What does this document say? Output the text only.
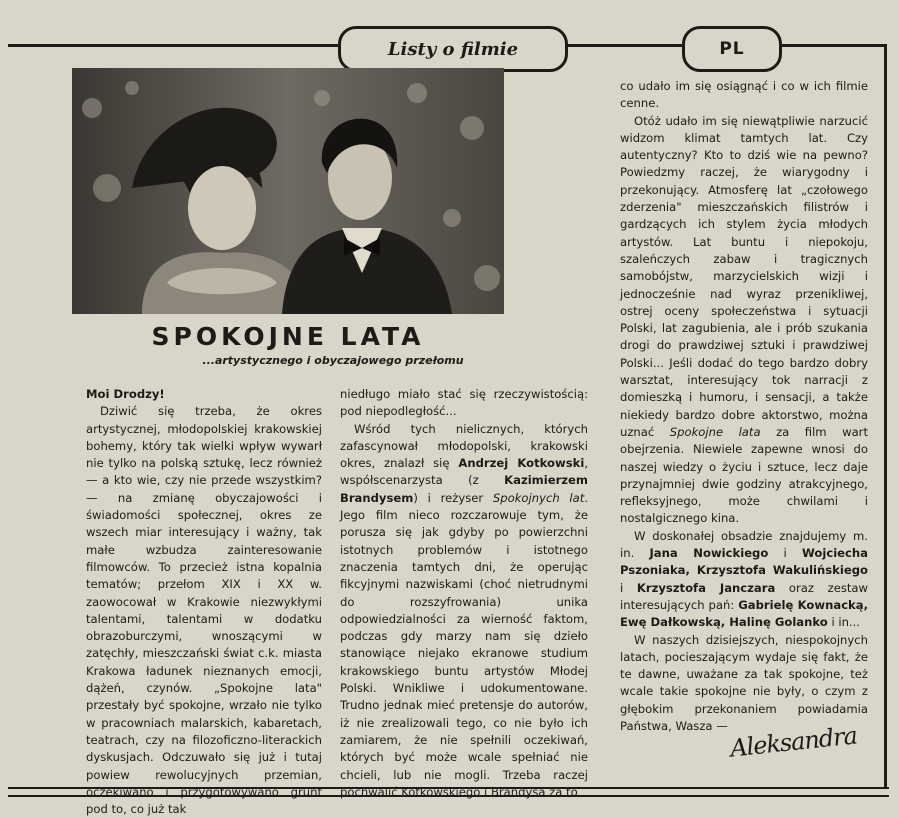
Listy o filmie	PL
SPOKOJNE LATA
...artystycznego i obyczajowego przełomu

Moi Drodzy!

Dziwić się trzeba, że okres artystycznej, młodopolskiej krakowskiej bohemy, który tak wielki wpływ wywarł nie tylko na polską sztukę, lecz również — a kto wie, czy nie przede wszystkim? — na zmianę obyczajowości i świadomości społecznej, okres ze wszech miar interesujący i ważny, tak małe wzbudza zainteresowanie filmowców. To przecież istna kopalnia tematów; przełom XIX i XX w. zaowocował w Krakowie niezwykłymi talentami, talentami w dodatku obrazoburczymi, wnoszącymi w zatęchły, mieszczański świat c.k. miasta Krakowa ładunek nieznanych emocji, dążeń, czynów. „Spokojne lata" przestały być spokojne, wrzało nie tylko w pracowniach malarskich, kabaretach, teatrach, czy na filozoficzno-literackich dyskusjach. Odczuwało się już i tutaj powiew rewolucyjnych przemian, oczekiwano i przygotowywano grunt pod to, co już tak

niedługo miało stać się rzeczywistością: pod niepodległość...

Wśród tych nielicznych, których zafascynował młodopolski, krakowski okres, znalazł się Andrzej Kotkowski, współscenarzysta (z Kazimierzem Brandysem) i reżyser Spokojnych lat. Jego film nieco rozczarowuje tym, że porusza się jak gdyby po powierzchni istotnych problemów i istotnego znaczenia tamtych dni, że operując fikcyjnymi nazwiskami (choć nietrudnymi do rozszyfrowania) unika odpowiedzialności za wierność faktom, podczas gdy marzy nam się dzieło stanowiące niejako ekranowe studium krakowskiego buntu artystów Młodej Polski. Wnikliwe i udokumentowane. Trudno jednak mieć pretensje do autorów, iż nie zrealizowali tego, co nie było ich zamiarem, że nie spełnili oczekiwań, których być może wcale spełniać nie chcieli, lub nie mogli. Trzeba raczej pochwalić Kotkowskiego i Brandysa za to

co udało im się osiągnąć i co w ich filmie cenne.

Otóż udało im się niewątpliwie narzucić widzom klimat tamtych lat. Czy autentyczny? Kto to dziś wie na pewno? Powiedzmy raczej, że wiarygodny i przekonujący. Atmosferę lat „czołowego zderzenia" mieszczańskich filistrów i gardzących ich stylem życia młodych artystów. Lat buntu i niepokoju, szaleńczych zabaw i tragicznych samobójstw, marzycielskich wizji i jednocześnie nad wyraz przenikliwej, ostrej oceny społeczeństwa i sytuacji Polski, lat zagubienia, ale i prób szukania drogi do prawdziwej sztuki i prawdziwej Polski... Jeśli dodać do tego bardzo dobry warsztat, interesujący tok narracji z domieszką i humoru, i sensacji, a także niekiedy bardzo dobre aktorstwo, można uznać Spokojne lata za film wart obejrzenia. Niewiele zapewne wnosi do naszej wiedzy o życiu i sztuce, lecz daje przynajmniej dwie godziny atrakcyjnego, refleksyjnego, może chwilami i nostalgicznego kina.

W doskonałej obsadzie znajdujemy m. in. Jana Nowickiego i Wojciecha Pszoniaka, Krzysztofa Wakulińskiego i Krzysztofa Janczara oraz zestaw interesujących pań: Gabrielę Kownacką, Ewę Dałkowską, Halinę Golanko i in...

W naszych dzisiejszych, niespokojnych latach, pocieszającym wydaje się fakt, że te dawne, uważane za tak spokojne, też wcale takie spokojne nie były, o czym z głębokim przekonaniem powiadamia Państwa, Wasza — Aleksandra
